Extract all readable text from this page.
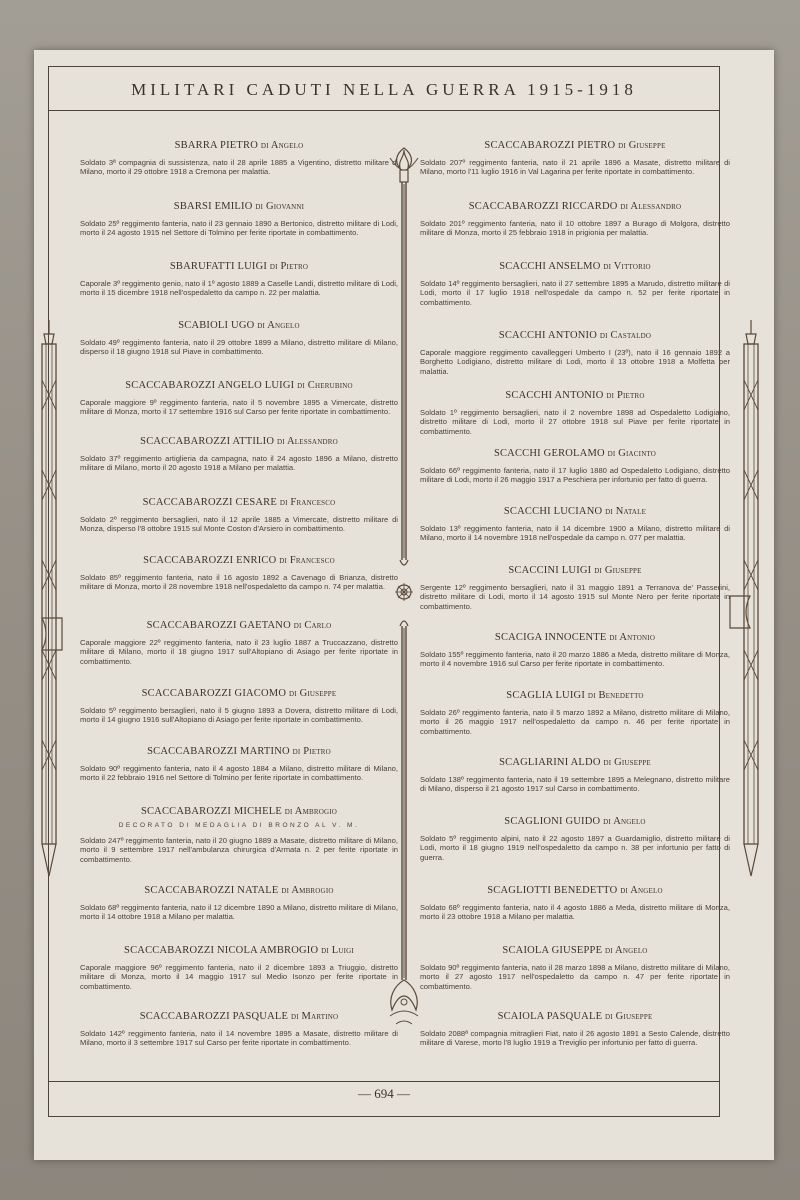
MILITARI CADUTI NELLA GUERRA 1915-1918
— 694 —
SBARRA PIETRO di Angelo
Soldato 3ª compagnia di sussistenza, nato il 28 aprile 1885 a Vigentino, distretto militare di Milano, morto il 29 ottobre 1918 a Cremona per malattia.
SBARSI EMILIO di Giovanni
Soldato 25º reggimento fanteria, nato il 23 gennaio 1890 a Bertonico, distretto militare di Lodi, morto il 24 agosto 1915 nel Settore di Tolmino per ferite riportate in combattimento.
SBARUFATTI LUIGI di Pietro
Caporale 3º reggimento genio, nato il 1º agosto 1889 a Caselle Landi, distretto militare di Lodi, morto il 15 dicembre 1918 nell'ospedaletto da campo n. 22 per malattia.
SCABIOLI UGO di Angelo
Soldato 49º reggimento fanteria, nato il 29 ottobre 1899 a Milano, distretto militare di Milano, disperso il 18 giugno 1918 sul Piave in combattimento.
SCACCABAROZZI ANGELO LUIGI di Cherubino
Caporale maggiore 9º reggimento fanteria, nato il 5 novembre 1895 a Vimercate, distretto militare di Monza, morto il 17 settembre 1916 sul Carso per ferite riportate in combattimento.
SCACCABAROZZI ATTILIO di Alessandro
Soldato 37º reggimento artiglieria da campagna, nato il 24 agosto 1896 a Milano, distretto militare di Milano, morto il 20 agosto 1918 a Milano per malattia.
SCACCABAROZZI CESARE di Francesco
Soldato 2º reggimento bersaglieri, nato il 12 aprile 1885 a Vimercate, distretto militare di Monza, disperso l'8 ottobre 1915 sul Monte Coston d'Arsiero in combattimento.
SCACCABAROZZI ENRICO di Francesco
Soldato 85º reggimento fanteria, nato il 16 agosto 1892 a Cavenago di Brianza, distretto militare di Monza, morto il 28 novembre 1918 nell'ospedaletto da campo n. 74 per malattia.
SCACCABAROZZI GAETANO di Carlo
Caporale maggiore 22º reggimento fanteria, nato il 23 luglio 1887 a Truccazzano, distretto militare di Milano, morto il 18 giugno 1917 sull'Altopiano di Asiago per ferite riportate in combattimento.
SCACCABAROZZI GIACOMO di Giuseppe
Soldato 5º reggimento bersaglieri, nato il 5 giugno 1893 a Dovera, distretto militare di Lodi, morto il 14 giugno 1916 sull'Altopiano di Asiago per ferite riportate in combattimento.
SCACCABAROZZI MARTINO di Pietro
Soldato 90º reggimento fanteria, nato il 4 agosto 1884 a Milano, distretto militare di Milano, morto il 22 febbraio 1916 nel Settore di Tolmino per ferite riportate in combattimento.
SCACCABAROZZI MICHELE di Ambrogio
DECORATO DI MEDAGLIA DI BRONZO AL V. M.
Soldato 247º reggimento fanteria, nato il 20 giugno 1889 a Masate, distretto militare di Milano, morto il 9 settembre 1917 nell'ambulanza chirurgica d'Armata n. 2 per ferite riportate in combattimento.
SCACCABAROZZI NATALE di Ambrogio
Soldato 68º reggimento fanteria, nato il 12 dicembre 1890 a Milano, distretto militare di Milano, morto il 14 ottobre 1918 a Milano per malattia.
SCACCABAROZZI NICOLA AMBROGIO di Luigi
Caporale maggiore 96º reggimento fanteria, nato il 2 dicembre 1893 a Triuggio, distretto militare di Monza, morto il 14 maggio 1917 sul Medio Isonzo per ferite riportate in combattimento.
SCACCABAROZZI PASQUALE di Martino
Soldato 142º reggimento fanteria, nato il 14 novembre 1895 a Masate, distretto militare di Milano, morto il 3 settembre 1917 sul Carso per ferite riportate in combattimento.
SCACCABAROZZI PIETRO di Giuseppe
Soldato 207º reggimento fanteria, nato il 21 aprile 1896 a Masate, distretto militare di Milano, morto l'11 luglio 1916 in Val Lagarina per ferite riportate in combattimento.
SCACCABAROZZI RICCARDO di Alessandro
Soldato 201º reggimento fanteria, nato il 10 ottobre 1897 a Burago di Molgora, distretto militare di Monza, morto il 25 febbraio 1918 in prigionia per malattia.
SCACCHI ANSELMO di Vittorio
Soldato 14º reggimento bersaglieri, nato il 27 settembre 1895 a Marudo, distretto militare di Lodi, morto il 17 luglio 1918 nell'ospedale da campo n. 52 per ferite riportate in combattimento.
SCACCHI ANTONIO di Castaldo
Caporale maggiore reggimento cavalleggeri Umberto I (23º), nato il 16 gennaio 1892 a Borghetto Lodigiano, distretto militare di Lodi, morto il 13 ottobre 1918 a Molfetta per malattia.
SCACCHI ANTONIO di Pietro
Soldato 1º reggimento bersaglieri, nato il 2 novembre 1898 ad Ospedaletto Lodigiano, distretto militare di Lodi, morto il 27 ottobre 1918 sul Piave per ferite riportate in combattimento.
SCACCHI GEROLAMO di Giacinto
Soldato 66º reggimento fanteria, nato il 17 luglio 1880 ad Ospedaletto Lodigiano, distretto militare di Lodi, morto il 26 maggio 1917 a Peschiera per infortunio per fatto di guerra.
SCACCHI LUCIANO di Natale
Soldato 13º reggimento fanteria, nato il 14 dicembre 1900 a Milano, distretto militare di Milano, morto il 14 novembre 1918 nell'ospedale da campo n. 077 per malattia.
SCACCINI LUIGI di Giuseppe
Sergente 12º reggimento bersaglieri, nato il 31 maggio 1891 a Terranova de' Passerini, distretto militare di Lodi, morto il 14 agosto 1915 sul Monte Nero per ferite riportate in combattimento.
SCACIGA INNOCENTE di Antonio
Soldato 155º reggimento fanteria, nato il 20 marzo 1886 a Meda, distretto militare di Monza, morto il 4 novembre 1916 sul Carso per ferite riportate in combattimento.
SCAGLIA LUIGI di Benedetto
Soldato 26º reggimento fanteria, nato il 5 marzo 1892 a Milano, distretto militare di Milano, morto il 26 maggio 1917 nell'ospedaletto da campo n. 46 per ferite riportate in combattimento.
SCAGLIARINI ALDO di Giuseppe
Soldato 138º reggimento fanteria, nato il 19 settembre 1895 a Melegnano, distretto militare di Milano, disperso il 21 agosto 1917 sul Carso in combattimento.
SCAGLIONI GUIDO di Angelo
Soldato 5º reggimento alpini, nato il 22 agosto 1897 a Guardamiglio, distretto militare di Lodi, morto il 18 giugno 1919 nell'ospedaletto da campo n. 38 per infortunio per fatto di guerra.
SCAGLIOTTI BENEDETTO di Angelo
Soldato 68º reggimento fanteria, nato il 4 agosto 1886 a Meda, distretto militare di Monza, morto il 23 ottobre 1918 a Milano per malattia.
SCAIOLA GIUSEPPE di Angelo
Soldato 90º reggimento fanteria, nato il 28 marzo 1898 a Milano, distretto militare di Milano, morto il 27 agosto 1917 nell'ospedaletto da campo n. 47 per ferite riportate in combattimento.
SCAIOLA PASQUALE di Giuseppe
Soldato 2088ª compagnia mitraglieri Fiat, nato il 26 agosto 1891 a Sesto Calende, distretto militare di Varese, morto l'8 luglio 1919 a Treviglio per infortunio per fatto di guerra.
